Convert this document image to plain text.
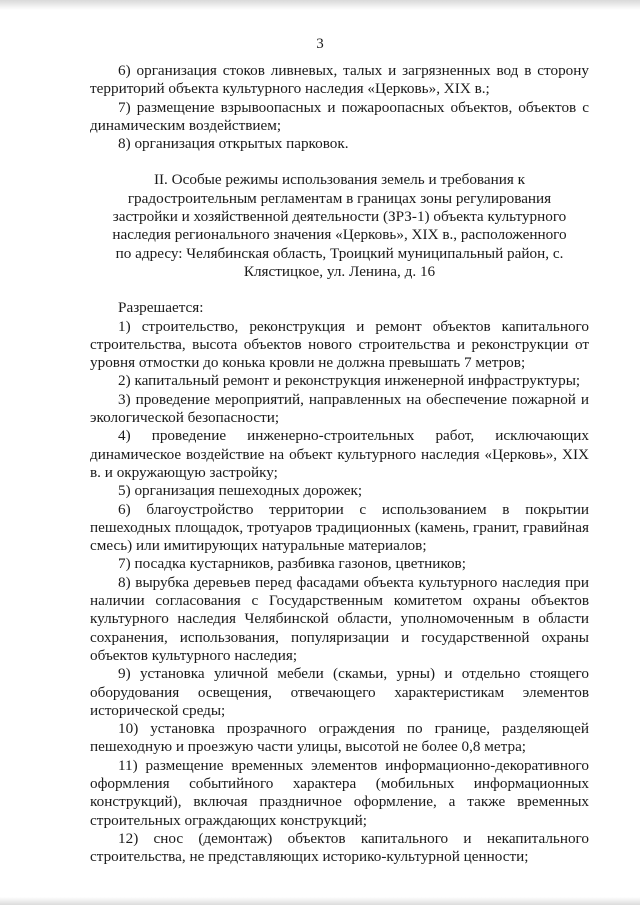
3

6) организация стоков ливневых, талых и загрязненных вод в сторону территорий объекта культурного наследия «Церковь», XIX в.;

7) размещение взрывоопасных и пожароопасных объектов, объектов с динамическим воздействием;

8) организация открытых парковок.

II. Особые режимы использования земель и требования к градостроительным регламентам в границах зоны регулирования застройки и хозяйственной деятельности (ЗРЗ-1) объекта культурного наследия регионального значения «Церковь», XIX в., расположенного по адресу: Челябинская область, Троицкий муниципальный район, с. Клястицкое, ул. Ленина, д. 16

Разрешается:

1) строительство, реконструкция и ремонт объектов капитального строительства, высота объектов нового строительства и реконструкции от уровня отмостки до конька кровли не должна превышать 7 метров;

2) капитальный ремонт и реконструкция инженерной инфраструктуры;

3) проведение мероприятий, направленных на обеспечение пожарной и экологической безопасности;

4) проведение инженерно-строительных работ, исключающих динамическое воздействие на объект культурного наследия «Церковь», XIX в. и окружающую застройку;

5) организация пешеходных дорожек;

6) благоустройство территории с использованием в покрытии пешеходных площадок, тротуаров традиционных (камень, гранит, гравийная смесь) или имитирующих натуральные материалов;

7) посадка кустарников, разбивка газонов, цветников;

8) вырубка деревьев перед фасадами объекта культурного наследия при наличии согласования с Государственным комитетом охраны объектов культурного наследия Челябинской области, уполномоченным в области сохранения, использования, популяризации и государственной охраны объектов культурного наследия;

9) установка уличной мебели (скамьи, урны) и отдельно стоящего оборудования освещения, отвечающего характеристикам элементов исторической среды;

10) установка прозрачного ограждения по границе, разделяющей пешеходную и проезжую части улицы, высотой не более 0,8 метра;

11) размещение временных элементов информационно-декоративного оформления событийного характера (мобильных информационных конструкций), включая праздничное оформление, а также временных строительных ограждающих конструкций;

12) снос (демонтаж) объектов капитального и некапитального строительства, не представляющих историко-культурной ценности;
